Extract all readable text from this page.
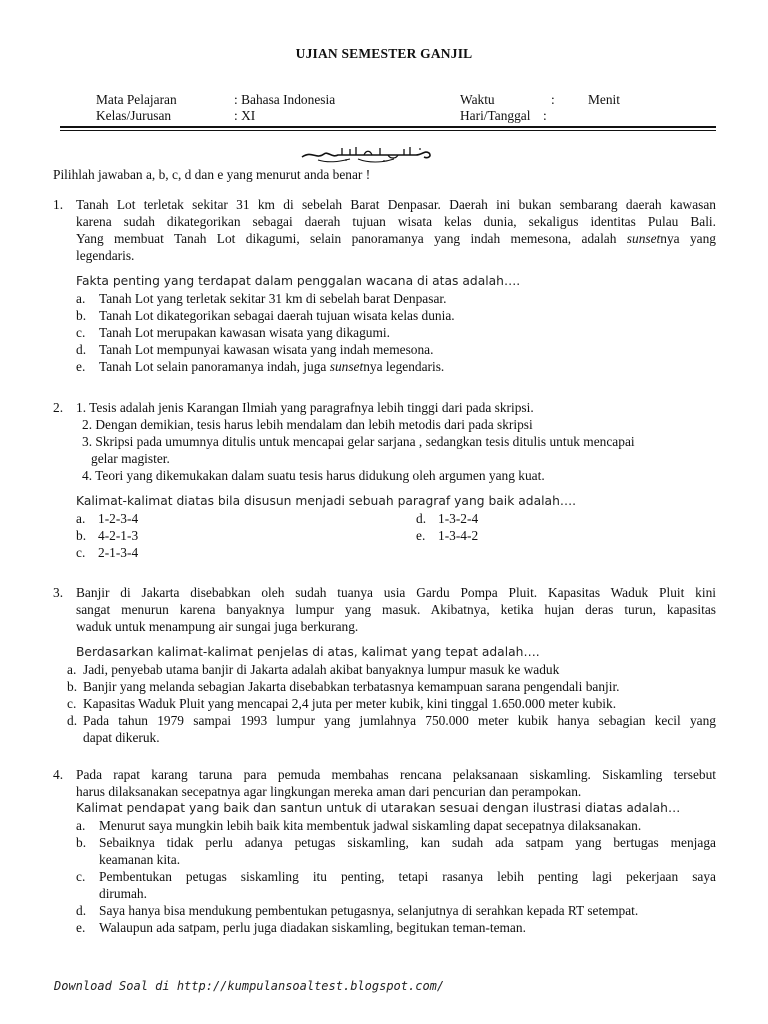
UJIAN SEMESTER GANJIL
Mata Pelajaran	: Bahasa Indonesia	Waktu	: Menit
Kelas/Jurusan	: XI	Hari/Tanggal :
Pilihlah jawaban a, b, c, d dan e yang menurut anda benar !
1. Tanah Lot terletak sekitar 31 km di sebelah Barat Denpasar. Daerah ini bukan sembarang daerah kawasan
karena sudah dikategorikan sebagai daerah tujuan wisata kelas dunia, sekaligus identitas Pulau Bali.
Yang membuat Tanah Lot dikagumi, selain panoramanya yang indah memesona, adalah sunsetnya yang
legendaris.
Fakta penting yang terdapat dalam penggalan wacana di atas adalah….
a. Tanah Lot yang terletak sekitar 31 km di sebelah barat Denpasar.
b. Tanah Lot dikategorikan sebagai daerah tujuan wisata kelas dunia.
c. Tanah Lot merupakan kawasan wisata yang dikagumi.
d. Tanah Lot mempunyai kawasan wisata yang indah memesona.
e. Tanah Lot selain panoramanya indah, juga sunsetnya legendaris.
2. 1. Tesis adalah jenis Karangan Ilmiah yang paragrafnya lebih tinggi dari pada skripsi.
2. Dengan demikian, tesis harus lebih mendalam dan lebih metodis dari pada skripsi
3. Skripsi pada umumnya ditulis untuk mencapai gelar sarjana , sedangkan tesis ditulis untuk mencapai
gelar magister.
4. Teori yang dikemukakan dalam suatu tesis harus didukung oleh argumen yang kuat.
Kalimat-kalimat diatas bila disusun menjadi sebuah paragraf yang baik adalah….
a. 1-2-3-4	d. 1-3-2-4
b. 4-2-1-3	e. 1-3-4-2
c. 2-1-3-4
3. Banjir di Jakarta disebabkan oleh sudah tuanya usia Gardu Pompa Pluit. Kapasitas Waduk Pluit kini
sangat menurun karena banyaknya lumpur yang masuk. Akibatnya, ketika hujan deras turun, kapasitas
waduk untuk menampung air sungai juga berkurang.
Berdasarkan kalimat-kalimat penjelas di atas, kalimat yang tepat adalah….
a. Jadi, penyebab utama banjir di Jakarta adalah akibat banyaknya lumpur masuk ke waduk
b. Banjir yang melanda sebagian Jakarta disebabkan terbatasnya kemampuan sarana pengendali banjir.
c. Kapasitas Waduk Pluit yang mencapai 2,4 juta per meter kubik, kini tinggal 1.650.000 meter kubik.
d. Pada tahun 1979 sampai 1993 lumpur yang jumlahnya 750.000 meter kubik hanya sebagian kecil yang
dapat dikeruk.
4. Pada rapat karang taruna para pemuda membahas rencana pelaksanaan siskamling. Siskamling tersebut
harus dilaksanakan secepatnya agar lingkungan mereka aman dari pencurian dan perampokan.
Kalimat pendapat yang baik dan santun untuk di utarakan sesuai dengan ilustrasi diatas adalah…
a. Menurut saya mungkin lebih baik kita membentuk jadwal siskamling dapat secepatnya dilaksanakan.
b. Sebaiknya tidak perlu adanya petugas siskamling, kan sudah ada satpam yang bertugas menjaga
keamanan kita.
c. Pembentukan petugas siskamling itu penting, tetapi rasanya lebih penting lagi pekerjaan saya
dirumah.
d. Saya hanya bisa mendukung pembentukan petugasnya, selanjutnya di serahkan kepada RT setempat.
e. Walaupun ada satpam, perlu juga diadakan siskamling, begitukan teman-teman.
Download Soal di http://kumpulansoaltest.blogspot.com/
